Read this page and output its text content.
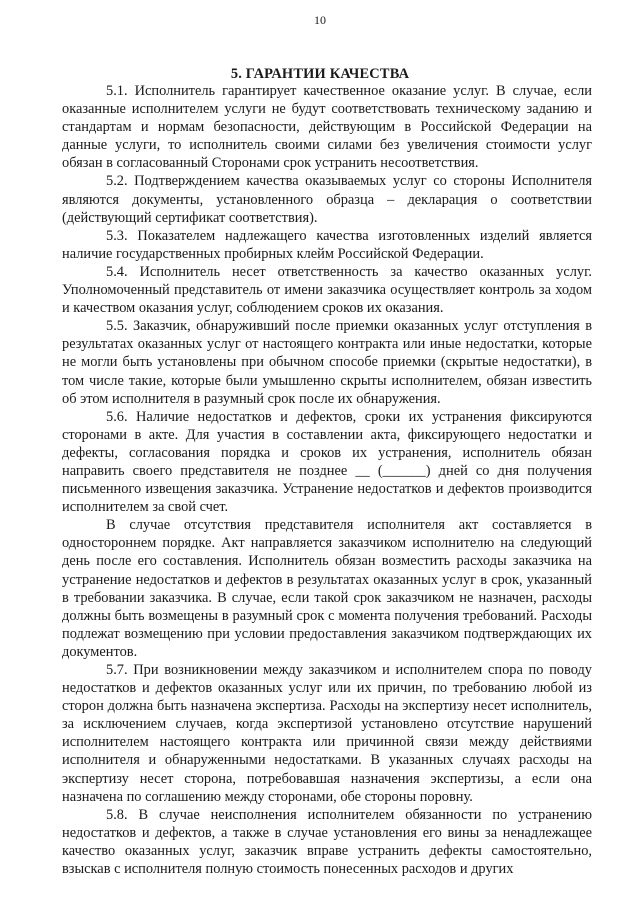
10
5. ГАРАНТИИ КАЧЕСТВА

5.1. Исполнитель гарантирует качественное оказание услуг. В случае, если оказанные исполнителем услуги не будут соответствовать техническому заданию и стандартам и нормам безопасности, действующим в Российской Федерации на данные услуги, то исполнитель своими силами без увеличения стоимости услуг обязан в согласованный Сторонами срок устранить несоответствия.

5.2. Подтверждением качества оказываемых услуг со стороны Исполнителя являются документы, установленного образца – декларация о соответствии (действующий сертификат соответствия).

5.3. Показателем надлежащего качества изготовленных изделий является наличие государственных пробирных клейм Российской Федерации.

5.4. Исполнитель несет ответственность за качество оказанных услуг. Уполномоченный представитель от имени заказчика осуществляет контроль за ходом и качеством оказания услуг, соблюдением сроков их оказания.

5.5. Заказчик, обнаруживший после приемки оказанных услуг отступления в результатах оказанных услуг от настоящего контракта или иные недостатки, которые не могли быть установлены при обычном способе приемки (скрытые недостатки), в том числе такие, которые были умышленно скрыты исполнителем, обязан известить об этом исполнителя в разумный срок после их обнаружения.

5.6. Наличие недостатков и дефектов, сроки их устранения фиксируются сторонами в акте. Для участия в составлении акта, фиксирующего недостатки и дефекты, согласования порядка и сроков их устранения, исполнитель обязан направить своего представителя не позднее __ (______) дней со дня получения письменного извещения заказчика. Устранение недостатков и дефектов производится исполнителем за свой счет.

В случае отсутствия представителя исполнителя акт составляется в одностороннем порядке. Акт направляется заказчиком исполнителю на следующий день после его составления. Исполнитель обязан возместить расходы заказчика на устранение недостатков и дефектов в результатах оказанных услуг в срок, указанный в требовании заказчика. В случае, если такой срок заказчиком не назначен, расходы должны быть возмещены в разумный срок с момента получения требований. Расходы подлежат возмещению при условии предоставления заказчиком подтверждающих их документов.

5.7. При возникновении между заказчиком и исполнителем спора по поводу недостатков и дефектов оказанных услуг или их причин, по требованию любой из сторон должна быть назначена экспертиза. Расходы на экспертизу несет исполнитель, за исключением случаев, когда экспертизой установлено отсутствие нарушений исполнителем настоящего контракта или причинной связи между действиями исполнителя и обнаруженными недостатками. В указанных случаях расходы на экспертизу несет сторона, потребовавшая назначения экспертизы, а если она назначена по соглашению между сторонами, обе стороны поровну.

5.8. В случае неисполнения исполнителем обязанности по устранению недостатков и дефектов, а также в случае установления его вины за ненадлежащее качество оказанных услуг, заказчик вправе устранить дефекты самостоятельно, взыскав с исполнителя полную стоимость понесенных расходов и других
